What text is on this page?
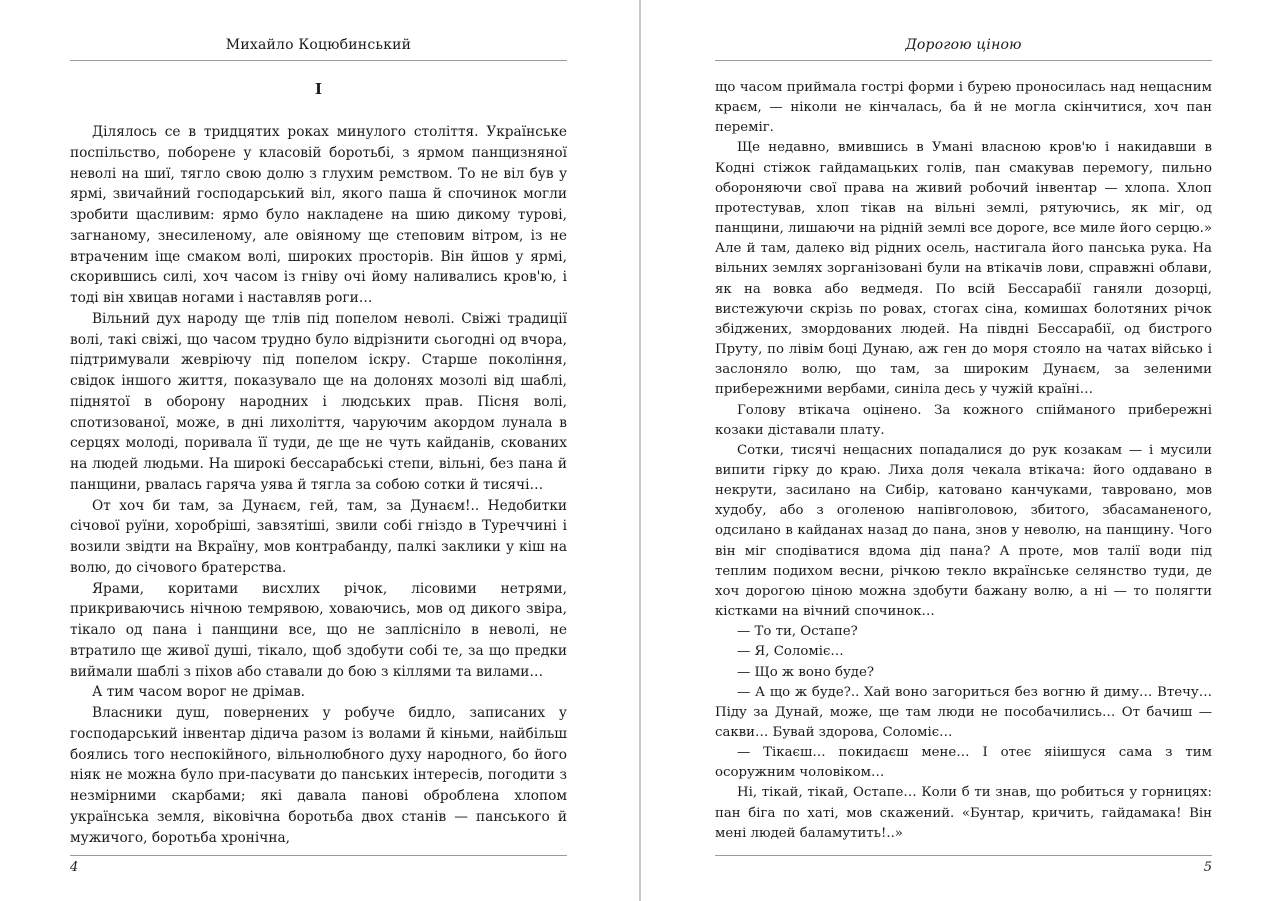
Михайло Коцюбинський
I

Ділялось се в тридцятих роках минулого століття. Українське поспільство, поборене у класовій боротьбі, з ярмом панщизняної неволі на шиї, тягло свою долю з глухим ремством. То не віл був у ярмі, звичайний господарський віл, якого паша й спочинок могли зробити щасливим: ярмо було накладене на шию дикому турові, загнаному, знесиленому, але овіяному ще степовим вітром, із не втраченим іще смаком волі, широких просторів. Він йшов у ярмі, скорившись силі, хоч часом із гніву очі йому наливались кров'ю, і тоді він хвицав ногами і наставляв роги…

Вільний дух народу ще тлів під попелом неволі. Свіжі традиції волі, такі свіжі, що часом трудно було відрізнити сьогодні од вчора, підтримували жевріючу під попелом іскру. Старше покоління, свідок іншого життя, показувало ще на долонях мозолі від шаблі, піднятої в оборону народних і людських прав. Пісня волі, спотизованої, може, в дні лихоліття, чаруючим акордом лунала в серцях молоді, поривала її туди, де ще не чуть кайданів, скованих на людей людьми. На широкі бессарабські степи, вільні, без пана й панщини, рвалась гаряча уява й тягла за собою сотки й тисячі…

От хоч би там, за Дунаєм, гей, там, за Дунаєм!.. Недобитки січової руїни, хоробріші, завзятіші, звили собі гніздо в Туреччині і возили звідти на Вкраїну, мов контрабанду, палкі заклики у кіш на волю, до січового братерства.

Ярами, коритами висхлих річок, лісовими нетрями, прикриваючись нічною темрявою, ховаючись, мов од дикого звіра, тікало од пана і панщини все, що не заплісніло в неволі, не втратило ще живої душі, тікало, щоб здобути собі те, за що предки виймали шаблі з піхов або ставали до бою з кіллями та вилами…

А тим часом ворог не дрімав.

Власники душ, повернених у робуче бидло, записаних у господарський інвентар дідича разом із волами й кіньми, найбільш боялись того неспокійного, вільнолюбного духу народного, бо його ніяк не можна було при-пасувати до панських інтересів, погодити з незмірними скарбами; які давала панові оброблена хлопом українська земля, віковічна боротьба двох станів — панського й мужичого, боротьба хронічна,

4
Дорогою ціною

що часом приймала гострі форми і бурею проносилась над нещасним краєм, — ніколи не кінчалась, ба й не могла скінчитися, хоч пан переміг.

Ще недавно, вмившись в Умані власною кров'ю і накидавши в Кодні стіжок гайдамацьких голів, пан смакував перемогу, пильно обороняючи свої права на живий робочий інвентар — хлопа. Хлоп протестував, хлоп тікав на вільні землі, рятуючись, як міг, од панщини, лишаючи на рідній землі все дороге, все миле його серцю.» Але й там, далеко від рідних осель, настигала його панська рука. На вільних землях зорганізовані були на втікачів лови, справжні облави, як на вовка або ведмедя. По всій Бессарабії ганяли дозорці, вистежуючи скрізь по ровах, стогах сіна, комишах болотяних річок збіджених, змордованих людей. На півдні Бессарабії, од бистрого Пруту, по лівім боці Дунаю, аж ген до моря стояло на чатах військо і заслоняло волю, що там, за широким Дунаєм, за зеленими прибережними вербами, синіла десь у чужій країні…

Голову втікача оцінено. За кожного спійманого прибережні козаки діставали плату.

Сотки, тисячі нещасних попадалися до рук козакам — і мусили випити гірку до краю. Лиха доля чекала втікача: його оддавано в некрути, засилано на Сибір, катовано канчуками, тавровано, мов худобу, або з оголеною напівголовою, збитого, збасаманеного, одсилано в кайданах назад до пана, знов у неволю, на панщину. Чого він міг сподіватися вдома дід пана? А проте, мов талії води під теплим подихом весни, річкою текло вкраїнське селянство туди, де хоч дорогою ціною можна здобути бажану волю, а ні — то полягти кістками на вічний спочинок…

— То ти, Остапе?

— Я, Соломіє…

— Що ж воно буде?

— А що ж буде?.. Хай воно загориться без вогню й диму… Втечу… Піду за Дунай, може, ще там люди не пособачились… От бачиш — сакви… Бувай здорова, Соломіє…

— Тікаєш… покидаєш мене… І отеє яііишуся сама з тим осоружним чоловіком…

Ні, тікай, тікай, Остапе… Коли б ти знав, що робиться у горницях: пан біга по хаті, мов скажений. «Бунтар, кричить, гайдамака! Він мені людей баламутить!..»

5
